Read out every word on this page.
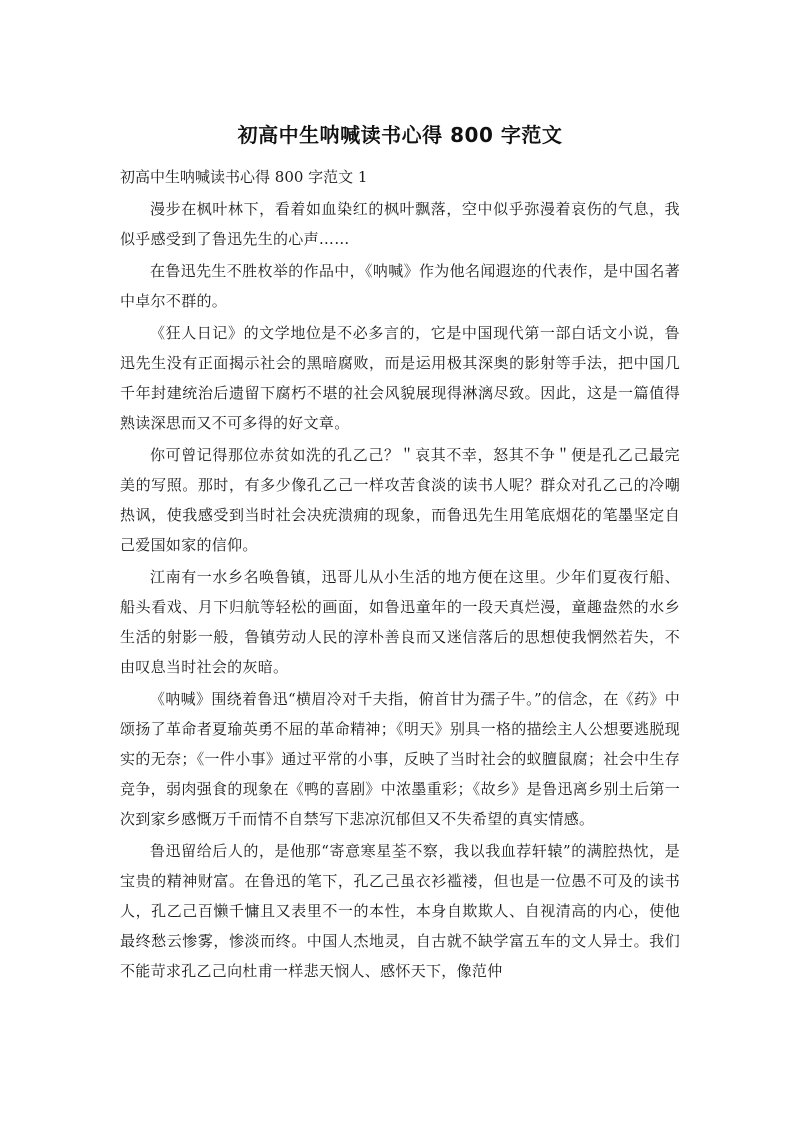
初高中生呐喊读书心得 800 字范文

初高中生呐喊读书心得 800 字范文 1

漫步在枫叶林下，看着如血染红的枫叶飘落，空中似乎弥漫着哀伤的气息，我似乎感受到了鲁迅先生的心声……

在鲁迅先生不胜枚举的作品中，《呐喊》作为他名闻遐迩的代表作，是中国名著中卓尔不群的。

《狂人日记》的文学地位是不必多言的，它是中国现代第一部白话文小说，鲁迅先生没有正面揭示社会的黑暗腐败，而是运用极其深奥的影射等手法，把中国几千年封建统治后遗留下腐朽不堪的社会风貌展现得淋漓尽致。因此，这是一篇值得熟读深思而又不可多得的好文章。

你可曾记得那位赤贫如洗的孔乙己？＂哀其不幸，怒其不争＂便是孔乙己最完美的写照。那时，有多少像孔乙己一样攻苦食淡的读书人呢？群众对孔乙己的冷嘲热讽，使我感受到当时社会决疣溃痈的现象，而鲁迅先生用笔底烟花的笔墨坚定自己爱国如家的信仰。

江南有一水乡名唤鲁镇，迅哥儿从小生活的地方便在这里。少年们夏夜行船、船头看戏、月下归航等轻松的画面，如鲁迅童年的一段天真烂漫，童趣盎然的水乡生活的射影一般，鲁镇劳动人民的淳朴善良而又迷信落后的思想使我惘然若失，不由叹息当时社会的灰暗。

《呐喊》围绕着鲁迅“横眉冷对千夫指，俯首甘为孺子牛。”的信念，在《药》中颂扬了革命者夏瑜英勇不屈的革命精神；《明天》别具一格的描绘主人公想要逃脱现实的无奈；《一件小事》通过平常的小事，反映了当时社会的蚁膻鼠腐；社会中生存竞争，弱肉强食的现象在《鸭的喜剧》中浓墨重彩；《故乡》是鲁迅离乡别土后第一次到家乡感慨万千而情不自禁写下悲凉沉郁但又不失希望的真实情感。

鲁迅留给后人的，是他那“寄意寒星荃不察，我以我血荐轩辕”的满腔热忱，是宝贵的精神财富。在鲁迅的笔下，孔乙己虽衣衫褴褛，但也是一位愚不可及的读书人，孔乙己百懒千慵且又表里不一的本性，本身自欺欺人、自视清高的内心，使他最终愁云惨雾，惨淡而终。中国人杰地灵，自古就不缺学富五车的文人异士。我们不能苛求孔乙己向杜甫一样悲天悯人、感怀天下，像范仲
